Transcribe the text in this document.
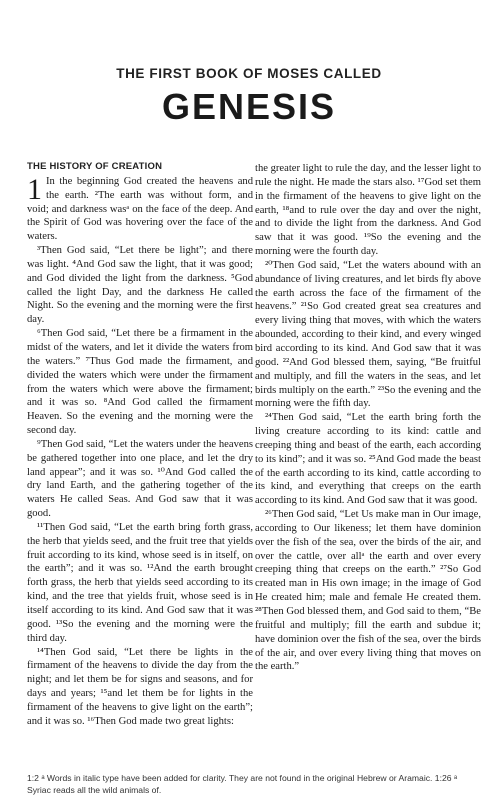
THE FIRST BOOK OF MOSES CALLED
GENESIS
THE HISTORY OF CREATION

1 In the beginning God created the heavens and the earth. ²The earth was without form, and void; and darkness wasᵃ on the face of the deep. And the Spirit of God was hovering over the face of the waters.

³Then God said, “Let there be light”; and there was light. ⁴And God saw the light, that it was good; and God divided the light from the darkness. ⁵God called the light Day, and the darkness He called Night. So the evening and the morning were the first day.

⁶Then God said, “Let there be a firmament in the midst of the waters, and let it divide the waters from the waters.” ⁷Thus God made the firmament, and divided the waters which were under the firmament from the waters which were above the firmament; and it was so. ⁸And God called the firmament Heaven. So the evening and the morning were the second day.

⁹Then God said, “Let the waters under the heavens be gathered together into one place, and let the dry land appear”; and it was so. ¹⁰And God called the dry land Earth, and the gathering together of the waters He called Seas. And God saw that it was good.

¹¹Then God said, “Let the earth bring forth grass, the herb that yields seed, and the fruit tree that yields fruit according to its kind, whose seed is in itself, on the earth”; and it was so. ¹²And the earth brought forth grass, the herb that yields seed according to its kind, and the tree that yields fruit, whose seed is in itself according to its kind. And God saw that it was good. ¹³So the evening and the morning were the third day.

¹⁴Then God said, “Let there be lights in the firmament of the heavens to divide the day from the night; and let them be for signs and seasons, and for days and years; ¹⁵and let them be for lights in the firmament of the heavens to give light on the earth”; and it was so. ¹⁶Then God made two great lights:

the greater light to rule the day, and the lesser light to rule the night. He made the stars also. ¹⁷God set them in the firmament of the heavens to give light on the earth, ¹⁸and to rule over the day and over the night, and to divide the light from the darkness. And God saw that it was good. ¹⁹So the evening and the morning were the fourth day.

²⁰Then God said, “Let the waters abound with an abundance of living creatures, and let birds fly above the earth across the face of the firmament of the heavens.” ²¹So God created great sea creatures and every living thing that moves, with which the waters abounded, according to their kind, and every winged bird according to its kind. And God saw that it was good. ²²And God blessed them, saying, “Be fruitful and multiply, and fill the waters in the seas, and let birds multiply on the earth.” ²³So the evening and the morning were the fifth day.

²⁴Then God said, “Let the earth bring forth the living creature according to its kind: cattle and creeping thing and beast of the earth, each according to its kind”; and it was so. ²⁵And God made the beast of the earth according to its kind, cattle according to its kind, and everything that creeps on the earth according to its kind. And God saw that it was good.

²⁶Then God said, “Let Us make man in Our image, according to Our likeness; let them have dominion over the fish of the sea, over the birds of the air, and over the cattle, over allᵃ the earth and over every creeping thing that creeps on the earth.” ²⁷So God created man in His own image; in the image of God He created him; male and female He created them. ²⁸Then God blessed them, and God said to them, “Be fruitful and multiply; fill the earth and subdue it; have dominion over the fish of the sea, over the birds of the air, and over every living thing that moves on the earth.”

1:2 ᵃ Words in italic type have been added for clarity. They are not found in the original Hebrew or Aramaic. 1:26 ᵃ Syriac reads all the wild animals of.
